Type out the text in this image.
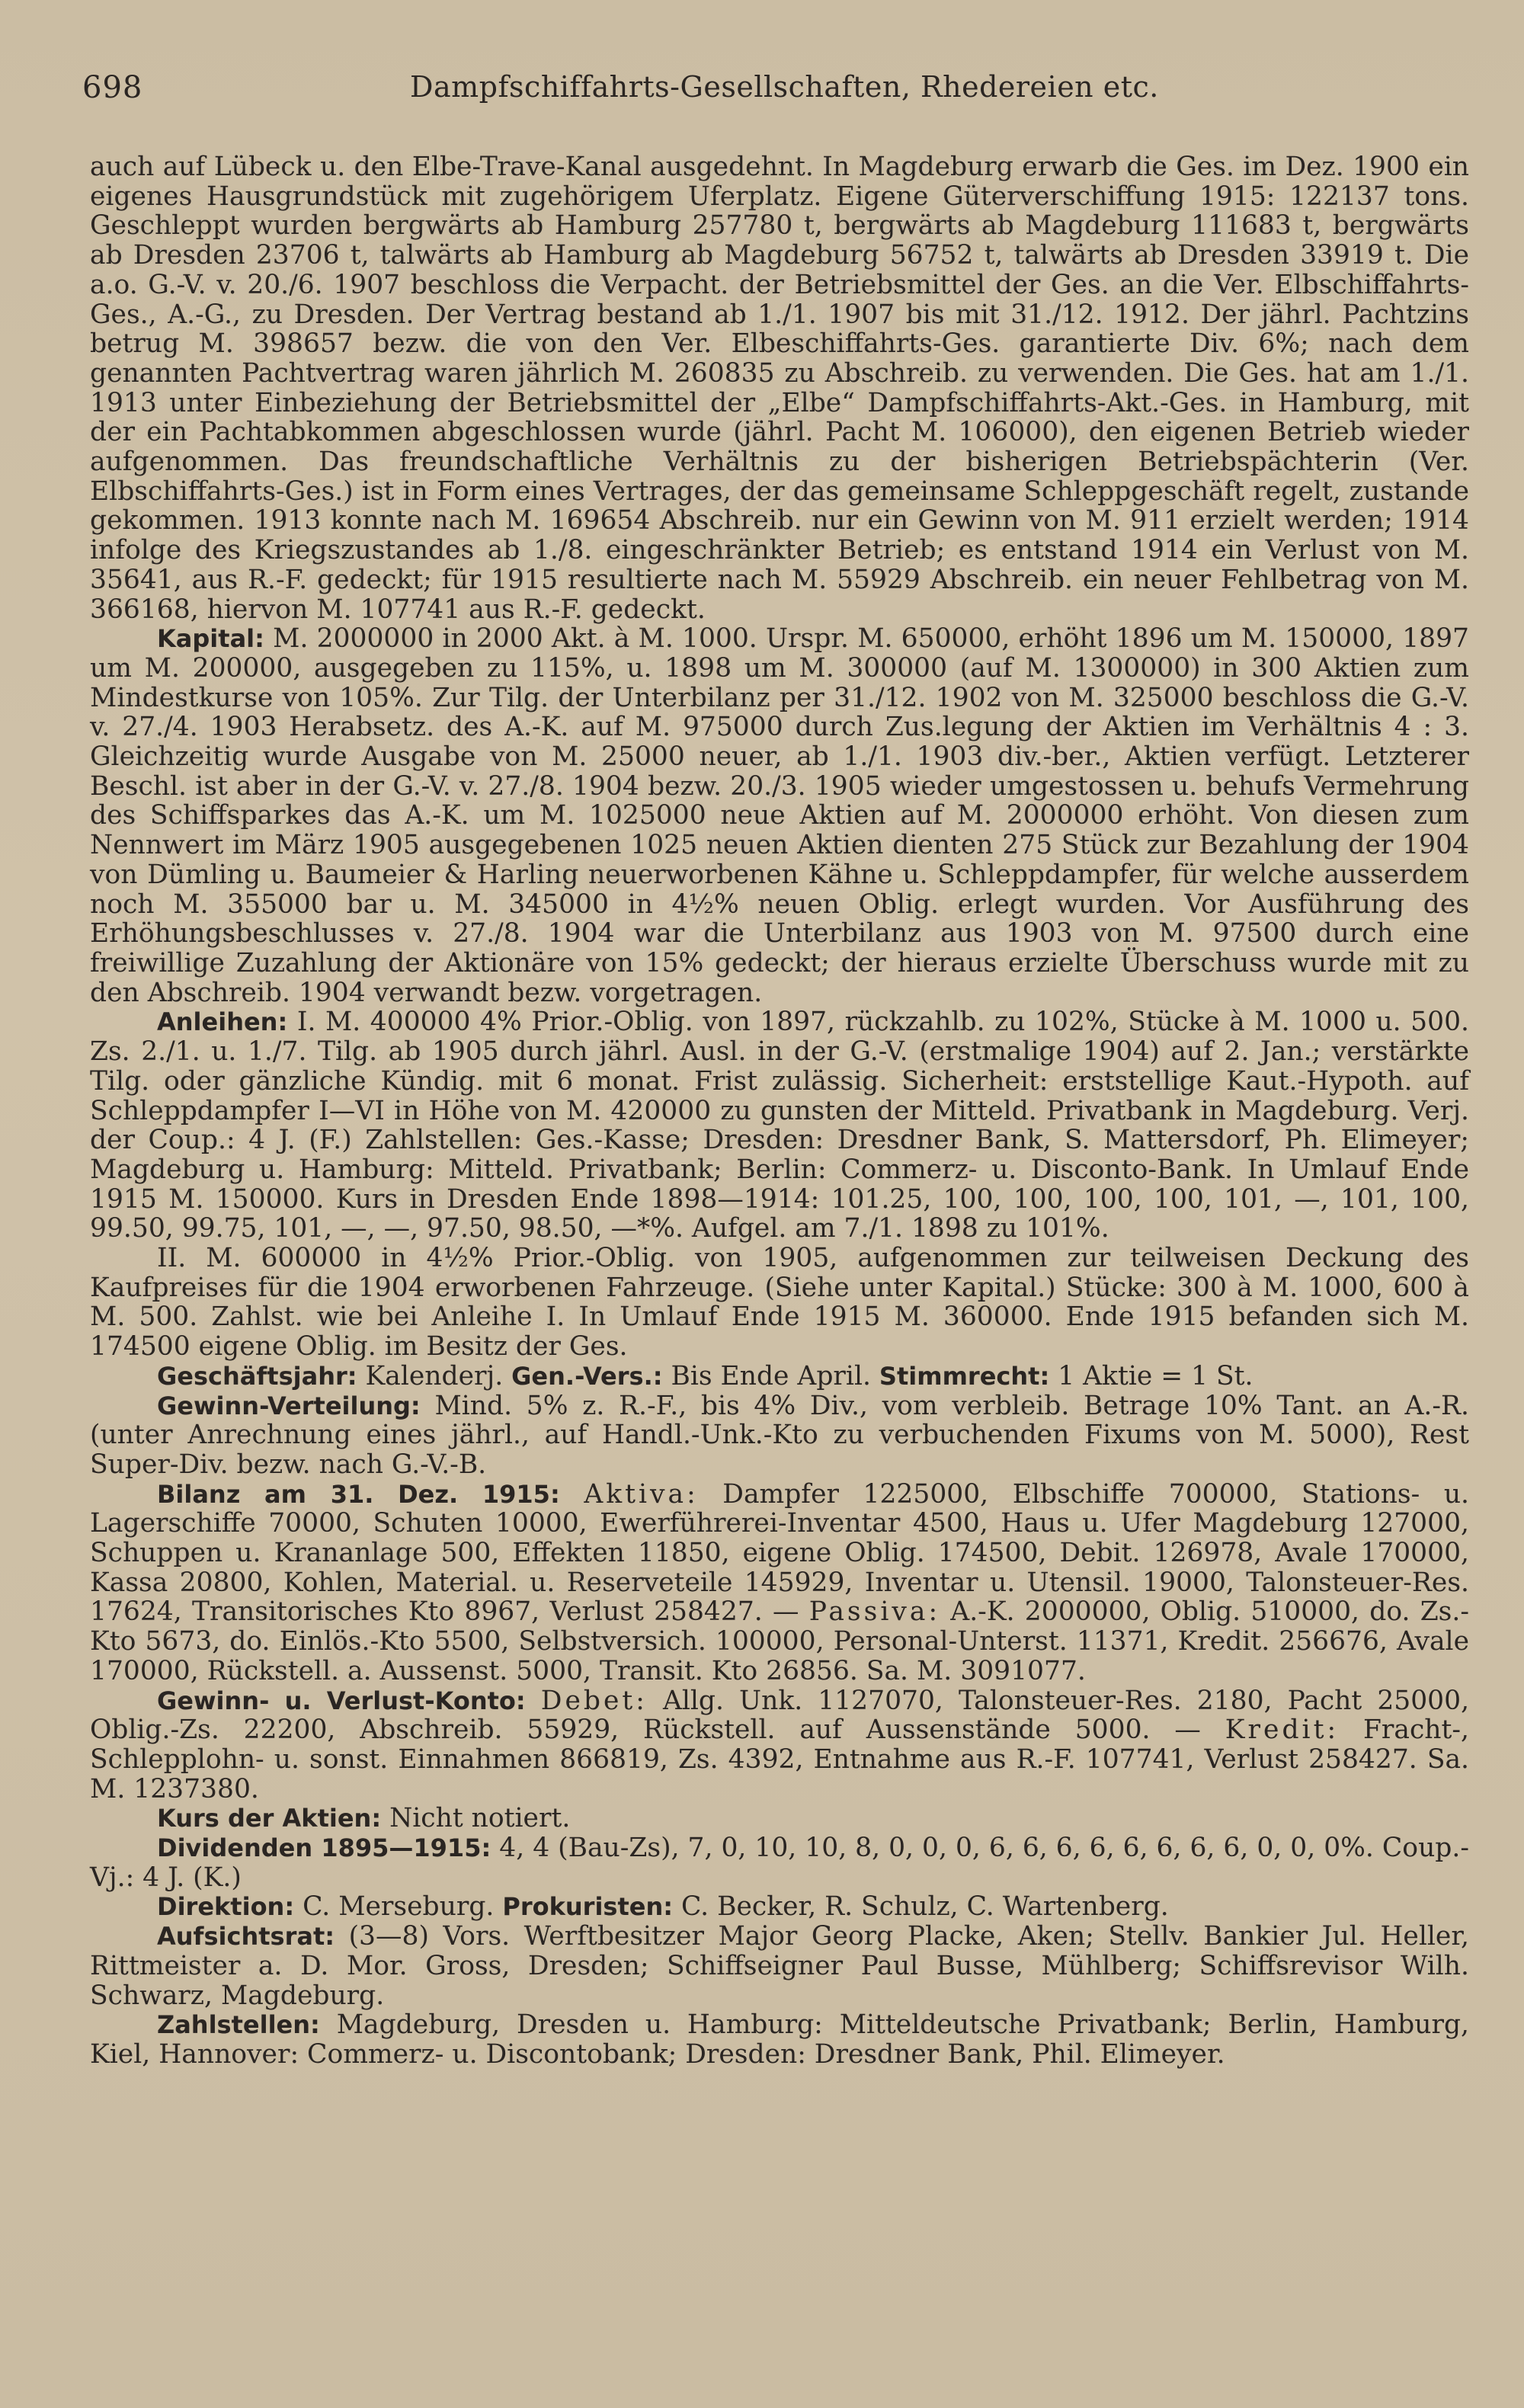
698	Dampfschiffahrts-Gesellschaften, Rhedereien etc.

auch auf Lübeck u. den Elbe-Trave-Kanal ausgedehnt. In Magdeburg erwarb die Ges. im Dez. 1900 ein eigenes Hausgrundstück mit zugehörigem Uferplatz. Eigene Güterverschiffung 1915: 122137 tons. Geschleppt wurden bergwärts ab Hamburg 257780 t, bergwärts ab Magdeburg 111683 t, bergwärts ab Dresden 23706 t, talwärts ab Hamburg ab Magdeburg 56752 t, talwärts ab Dresden 33919 t. Die a.o. G.-V. v. 20./6. 1907 beschloss die Verpacht. der Betriebsmittel der Ges. an die Ver. Elbschiffahrts-Ges., A.-G., zu Dresden. Der Vertrag bestand ab 1./1. 1907 bis mit 31./12. 1912. Der jährl. Pachtzins betrug M. 398657 bezw. die von den Ver. Elbeschiffahrts-Ges. garantierte Div. 6%; nach dem genannten Pachtvertrag waren jährlich M. 260835 zu Abschreib. zu verwenden. Die Ges. hat am 1./1. 1913 unter Einbeziehung der Betriebsmittel der „Elbe“ Dampfschiffahrts-Akt.-Ges. in Hamburg, mit der ein Pachtabkommen abgeschlossen wurde (jährl. Pacht M. 106000), den eigenen Betrieb wieder aufgenommen. Das freundschaftliche Verhältnis zu der bisherigen Betriebspächterin (Ver. Elbschiffahrts-Ges.) ist in Form eines Vertrages, der das gemeinsame Schleppgeschäft regelt, zustande gekommen. 1913 konnte nach M. 169654 Abschreib. nur ein Gewinn von M. 911 erzielt werden; 1914 infolge des Kriegszustandes ab 1./8. eingeschränkter Betrieb; es entstand 1914 ein Verlust von M. 35641, aus R.-F. gedeckt; für 1915 resultierte nach M. 55929 Abschreib. ein neuer Fehlbetrag von M. 366168, hiervon M. 107741 aus R.-F. gedeckt.

Kapital: M. 2000000 in 2000 Akt. à M. 1000. Urspr. M. 650000, erhöht 1896 um M. 150000, 1897 um M. 200000, ausgegeben zu 115%, u. 1898 um M. 300000 (auf M. 1300000) in 300 Aktien zum Mindestkurse von 105%. Zur Tilg. der Unterbilanz per 31./12. 1902 von M. 325000 beschloss die G.-V. v. 27./4. 1903 Herabsetz. des A.-K. auf M. 975000 durch Zus.legung der Aktien im Verhältnis 4 : 3. Gleichzeitig wurde Ausgabe von M. 25000 neuer, ab 1./1. 1903 div.-ber., Aktien verfügt. Letzterer Beschl. ist aber in der G.-V. v. 27./8. 1904 bezw. 20./3. 1905 wieder umgestossen u. behufs Vermehrung des Schiffsparkes das A.-K. um M. 1025000 neue Aktien auf M. 2000000 erhöht. Von diesen zum Nennwert im März 1905 ausgegebenen 1025 neuen Aktien dienten 275 Stück zur Bezahlung der 1904 von Dümling u. Baumeier & Harling neuerworbenen Kähne u. Schleppdampfer, für welche ausserdem noch M. 355000 bar u. M. 345000 in 4½% neuen Oblig. erlegt wurden. Vor Ausführung des Erhöhungsbeschlusses v. 27./8. 1904 war die Unterbilanz aus 1903 von M. 97500 durch eine freiwillige Zuzahlung der Aktionäre von 15% gedeckt; der hieraus erzielte Überschuss wurde mit zu den Abschreib. 1904 verwandt bezw. vorgetragen.

Anleihen: I. M. 400000 4% Prior.-Oblig. von 1897, rückzahlb. zu 102%, Stücke à M. 1000 u. 500. Zs. 2./1. u. 1./7. Tilg. ab 1905 durch jährl. Ausl. in der G.-V. (erstmalige 1904) auf 2. Jan.; verstärkte Tilg. oder gänzliche Kündig. mit 6 monat. Frist zulässig. Sicherheit: erststellige Kaut.-Hypoth. auf Schleppdampfer I—VI in Höhe von M. 420000 zu gunsten der Mitteld. Privatbank in Magdeburg. Verj. der Coup.: 4 J. (F.) Zahlstellen: Ges.-Kasse; Dresden: Dresdner Bank, S. Mattersdorf, Ph. Elimeyer; Magdeburg u. Hamburg: Mitteld. Privatbank; Berlin: Commerz- u. Disconto-Bank. In Umlauf Ende 1915 M. 150000. Kurs in Dresden Ende 1898—1914: 101.25, 100, 100, 100, 100, 101, —, 101, 100, 99.50, 99.75, 101, —, —, 97.50, 98.50, —*%. Aufgel. am 7./1. 1898 zu 101%.

II. M. 600000 in 4½% Prior.-Oblig. von 1905, aufgenommen zur teilweisen Deckung des Kaufpreises für die 1904 erworbenen Fahrzeuge. (Siehe unter Kapital.) Stücke: 300 à M. 1000, 600 à M. 500. Zahlst. wie bei Anleihe I. In Umlauf Ende 1915 M. 360000. Ende 1915 befanden sich M. 174500 eigene Oblig. im Besitz der Ges.

Geschäftsjahr: Kalenderj. Gen.-Vers.: Bis Ende April. Stimmrecht: 1 Aktie = 1 St.

Gewinn-Verteilung: Mind. 5% z. R.-F., bis 4% Div., vom verbleib. Betrage 10% Tant. an A.-R. (unter Anrechnung eines jährl., auf Handl.-Unk.-Kto zu verbuchenden Fixums von M. 5000), Rest Super-Div. bezw. nach G.-V.-B.

Bilanz am 31. Dez. 1915: Aktiva: Dampfer 1225000, Elbschiffe 700000, Stations- u. Lagerschiffe 70000, Schuten 10000, Ewerführerei-Inventar 4500, Haus u. Ufer Magdeburg 127000, Schuppen u. Krananlage 500, Effekten 11850, eigene Oblig. 174500, Debit. 126978, Avale 170000, Kassa 20800, Kohlen, Material. u. Reserveteile 145929, Inventar u. Utensil. 19000, Talonsteuer-Res. 17624, Transitorisches Kto 8967, Verlust 258427. — Passiva: A.-K. 2000000, Oblig. 510000, do. Zs.-Kto 5673, do. Einlös.-Kto 5500, Selbstversich. 100000, Personal-Unterst. 11371, Kredit. 256676, Avale 170000, Rückstell. a. Aussenst. 5000, Transit. Kto 26856. Sa. M. 3091077.

Gewinn- u. Verlust-Konto: Debet: Allg. Unk. 1127070, Talonsteuer-Res. 2180, Pacht 25000, Oblig.-Zs. 22200, Abschreib. 55929, Rückstell. auf Aussenstände 5000. — Kredit: Fracht-, Schlepplohn- u. sonst. Einnahmen 866819, Zs. 4392, Entnahme aus R.-F. 107741, Verlust 258427. Sa. M. 1237380.

Kurs der Aktien: Nicht notiert.

Dividenden 1895—1915: 4, 4 (Bau-Zs), 7, 0, 10, 10, 8, 0, 0, 0, 6, 6, 6, 6, 6, 6, 6, 6, 0, 0, 0%. Coup.-Vj.: 4 J. (K.)

Direktion: C. Merseburg. Prokuristen: C. Becker, R. Schulz, C. Wartenberg.

Aufsichtsrat: (3—8) Vors. Werftbesitzer Major Georg Placke, Aken; Stellv. Bankier Jul. Heller, Rittmeister a. D. Mor. Gross, Dresden; Schiffseigner Paul Busse, Mühlberg; Schiffsrevisor Wilh. Schwarz, Magdeburg.

Zahlstellen: Magdeburg, Dresden u. Hamburg: Mitteldeutsche Privatbank; Berlin, Hamburg, Kiel, Hannover: Commerz- u. Discontobank; Dresden: Dresdner Bank, Phil. Elimeyer.
